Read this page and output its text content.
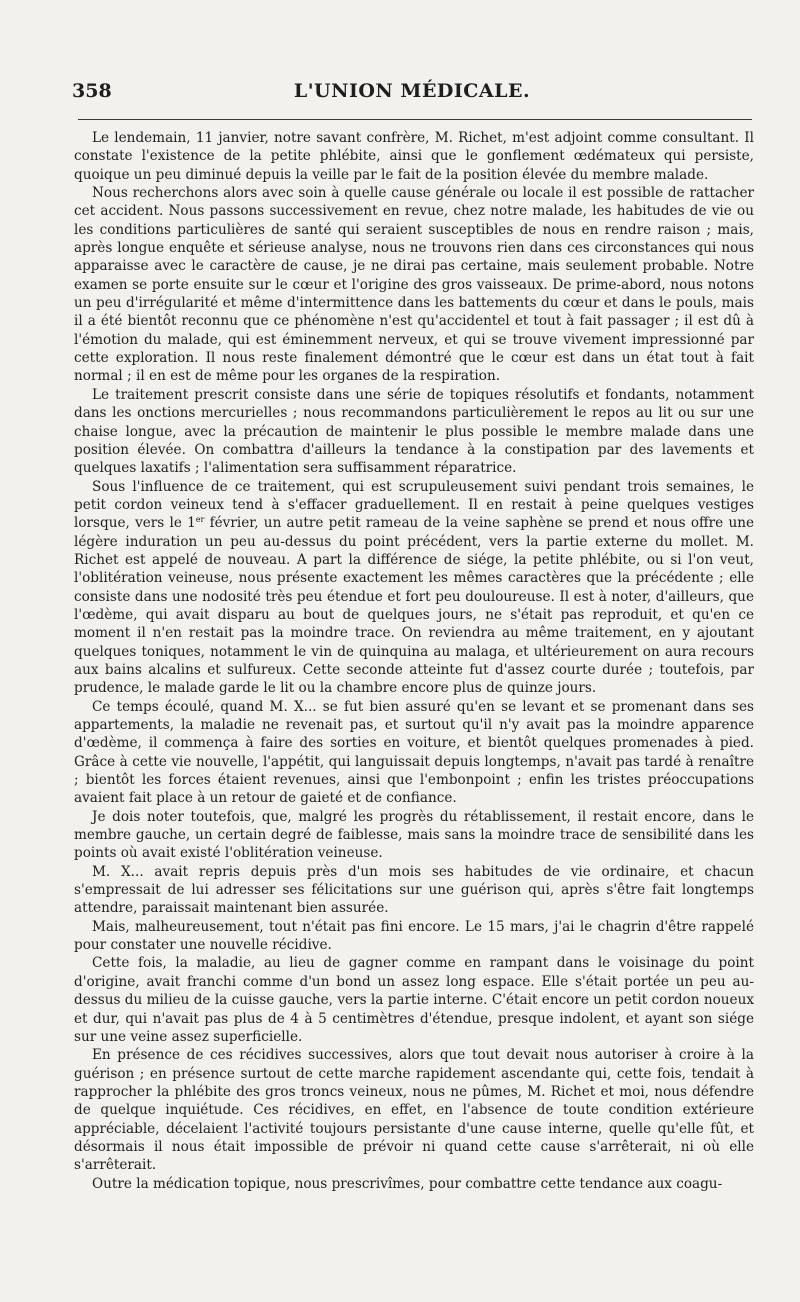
358	L'UNION MÉDICALE.

Le lendemain, 11 janvier, notre savant confrère, M. Richet, m'est adjoint comme consultant. Il constate l'existence de la petite phlébite, ainsi que le gonflement œdémateux qui persiste, quoique un peu diminué depuis la veille par le fait de la position élevée du membre malade.

Nous recherchons alors avec soin à quelle cause générale ou locale il est possible de rattacher cet accident. Nous passons successivement en revue, chez notre malade, les habitudes de vie ou les conditions particulières de santé qui seraient susceptibles de nous en rendre raison ; mais, après longue enquête et sérieuse analyse, nous ne trouvons rien dans ces circonstances qui nous apparaisse avec le caractère de cause, je ne dirai pas certaine, mais seulement probable. Notre examen se porte ensuite sur le cœur et l'origine des gros vaisseaux. De prime-abord, nous notons un peu d'irrégularité et même d'intermittence dans les battements du cœur et dans le pouls, mais il a été bientôt reconnu que ce phénomène n'est qu'accidentel et tout à fait passager ; il est dû à l'émotion du malade, qui est éminemment nerveux, et qui se trouve vivement impressionné par cette exploration. Il nous reste finalement démontré que le cœur est dans un état tout à fait normal ; il en est de même pour les organes de la respiration.

Le traitement prescrit consiste dans une série de topiques résolutifs et fondants, notamment dans les onctions mercurielles ; nous recommandons particulièrement le repos au lit ou sur une chaise longue, avec la précaution de maintenir le plus possible le membre malade dans une position élevée. On combattra d'ailleurs la tendance à la constipation par des lavements et quelques laxatifs ; l'alimentation sera suffisamment réparatrice.

Sous l'influence de ce traitement, qui est scrupuleusement suivi pendant trois semaines, le petit cordon veineux tend à s'effacer graduellement. Il en restait à peine quelques vestiges lorsque, vers le 1er février, un autre petit rameau de la veine saphène se prend et nous offre une légère induration un peu au-dessus du point précédent, vers la partie externe du mollet. M. Richet est appelé de nouveau. A part la différence de siége, la petite phlébite, ou si l'on veut, l'oblitération veineuse, nous présente exactement les mêmes caractères que la précédente ; elle consiste dans une nodosité très peu étendue et fort peu douloureuse. Il est à noter, d'ailleurs, que l'œdème, qui avait disparu au bout de quelques jours, ne s'était pas reproduit, et qu'en ce moment il n'en restait pas la moindre trace. On reviendra au même traitement, en y ajoutant quelques toniques, notamment le vin de quinquina au malaga, et ultérieurement on aura recours aux bains alcalins et sulfureux. Cette seconde atteinte fut d'assez courte durée ; toutefois, par prudence, le malade garde le lit ou la chambre encore plus de quinze jours.

Ce temps écoulé, quand M. X... se fut bien assuré qu'en se levant et se promenant dans ses appartements, la maladie ne revenait pas, et surtout qu'il n'y avait pas la moindre apparence d'œdème, il commença à faire des sorties en voiture, et bientôt quelques promenades à pied. Grâce à cette vie nouvelle, l'appétit, qui languissait depuis longtemps, n'avait pas tardé à renaître ; bientôt les forces étaient revenues, ainsi que l'embonpoint ; enfin les tristes préoccupations avaient fait place à un retour de gaieté et de confiance.

Je dois noter toutefois, que, malgré les progrès du rétablissement, il restait encore, dans le membre gauche, un certain degré de faiblesse, mais sans la moindre trace de sensibilité dans les points où avait existé l'oblitération veineuse.

M. X... avait repris depuis près d'un mois ses habitudes de vie ordinaire, et chacun s'empressait de lui adresser ses félicitations sur une guérison qui, après s'être fait longtemps attendre, paraissait maintenant bien assurée.

Mais, malheureusement, tout n'était pas fini encore. Le 15 mars, j'ai le chagrin d'être rappelé pour constater une nouvelle récidive.

Cette fois, la maladie, au lieu de gagner comme en rampant dans le voisinage du point d'origine, avait franchi comme d'un bond un assez long espace. Elle s'était portée un peu au-dessus du milieu de la cuisse gauche, vers la partie interne. C'était encore un petit cordon noueux et dur, qui n'avait pas plus de 4 à 5 centimètres d'étendue, presque indolent, et ayant son siége sur une veine assez superficielle.

En présence de ces récidives successives, alors que tout devait nous autoriser à croire à la guérison ; en présence surtout de cette marche rapidement ascendante qui, cette fois, tendait à rapprocher la phlébite des gros troncs veineux, nous ne pûmes, M. Richet et moi, nous défendre de quelque inquiétude. Ces récidives, en effet, en l'absence de toute condition extérieure appréciable, décelaient l'activité toujours persistante d'une cause interne, quelle qu'elle fût, et désormais il nous était impossible de prévoir ni quand cette cause s'arrêterait, ni où elle s'arrêterait.

Outre la médication topique, nous prescrivîmes, pour combattre cette tendance aux coagu-
